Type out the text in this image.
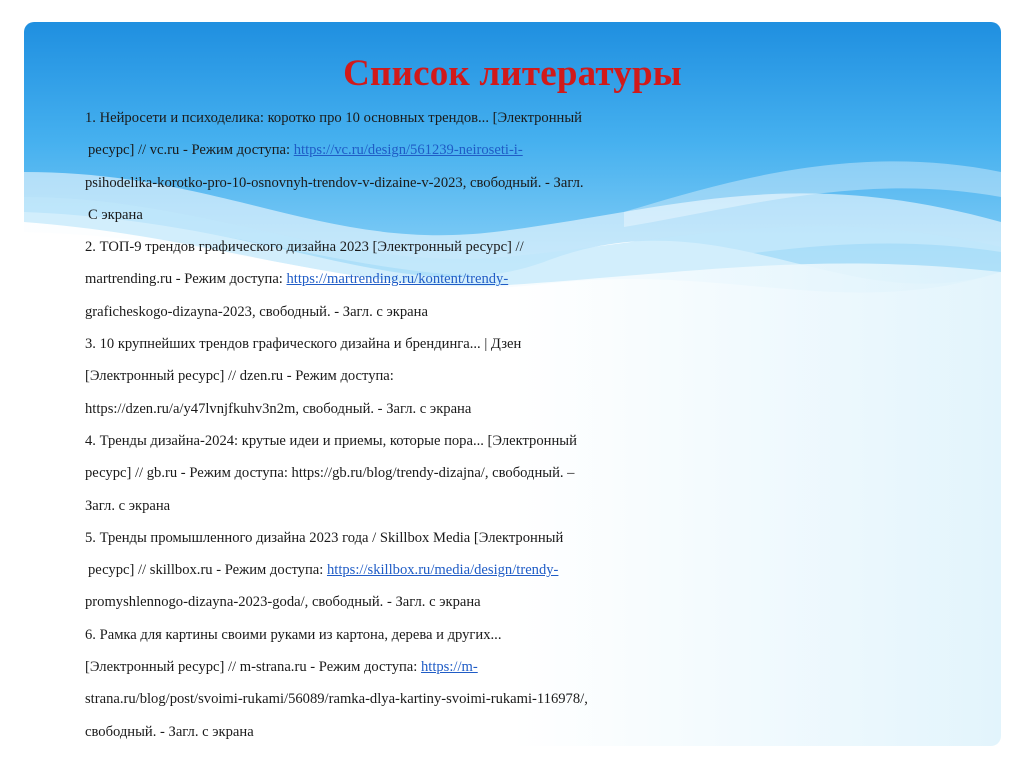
Список литературы
1. Нейросети и психоделика: коротко про 10 основных трендов... [Электронный
ресурс] // vc.ru - Режим доступа: https://vc.ru/design/561239-neiroseti-i-
psihodelika-korotko-pro-10-osnovnyh-trendov-v-dizaine-v-2023, свободный. - Загл.
С экрана
2. ТОП-9 трендов графического дизайна 2023 [Электронный ресурс] //
martrending.ru - Режим доступа: https://martrending.ru/kontent/trendy-
graficheskogo-dizayna-2023, свободный. - Загл. с экрана
3. 10 крупнейших трендов графического дизайна и брендинга... | Дзен
[Электронный ресурс] // dzen.ru - Режим доступа:
https://dzen.ru/a/y47lvnjfkuhv3n2m, свободный. - Загл. с экрана
4. Тренды дизайна-2024: крутые идеи и приемы, которые пора... [Электронный
ресурс] // gb.ru - Режим доступа: https://gb.ru/blog/trendy-dizajna/, свободный. –
Загл. с экрана
5. Тренды промышленного дизайна 2023 года / Skillbox Media [Электронный
ресурс] // skillbox.ru - Режим доступа: https://skillbox.ru/media/design/trendy-
promyshlennogo-dizayna-2023-goda/, свободный. - Загл. с экрана
6. Рамка для картины своими руками из картона, дерева и других...
[Электронный ресурс] // m-strana.ru - Режим доступа: https://m-
strana.ru/blog/post/svoimi-rukami/56089/ramka-dlya-kartiny-svoimi-rukami-116978/,
свободный. - Загл. с экрана
